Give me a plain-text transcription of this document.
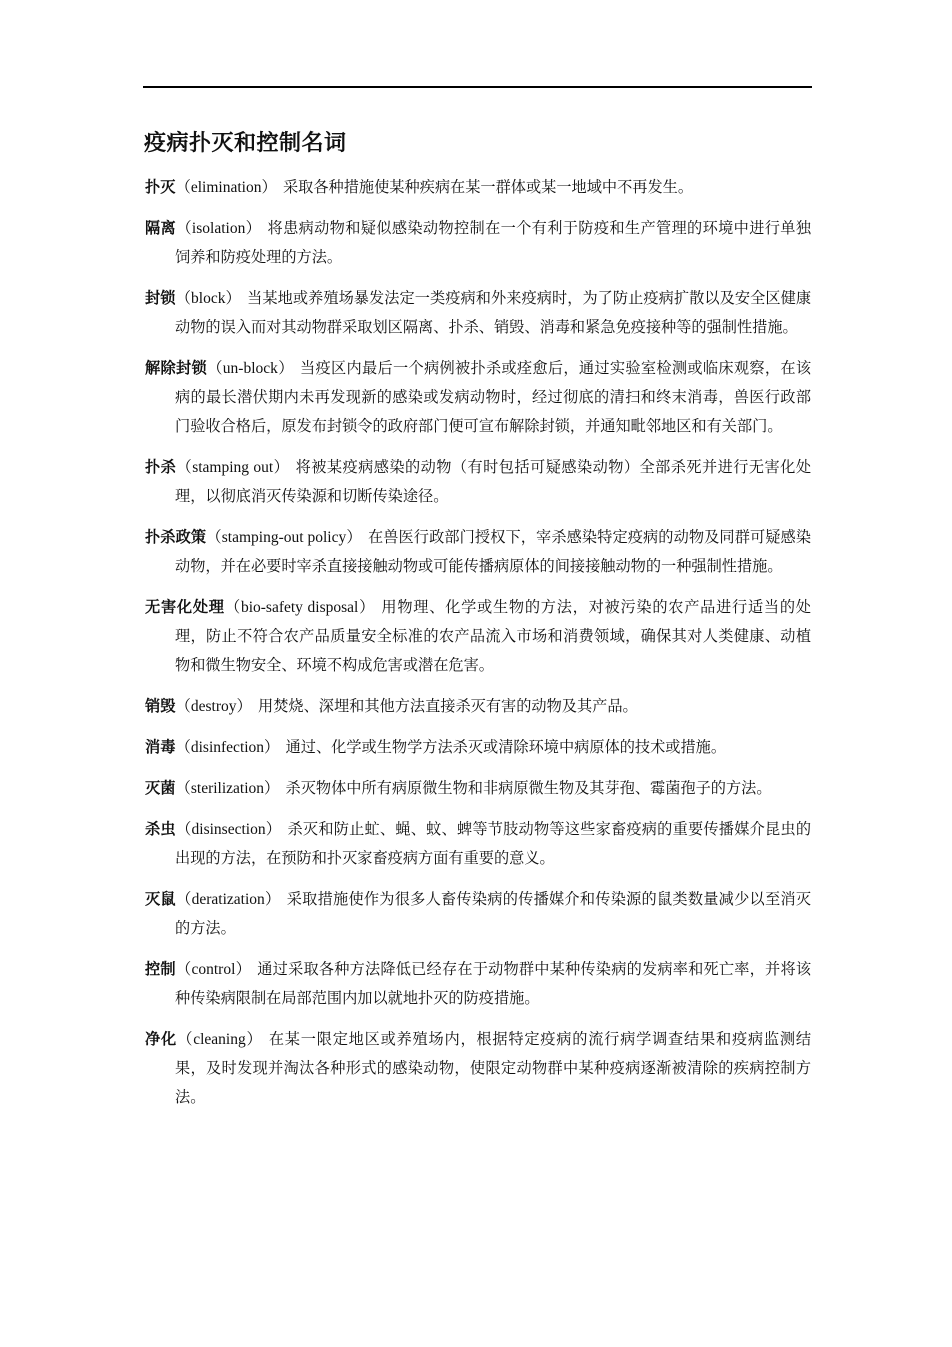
疫病扑灭和控制名词

扑灭（elimination） 采取各种措施使某种疾病在某一群体或某一地域中不再发生。

隔离（isolation） 将患病动物和疑似感染动物控制在一个有利于防疫和生产管理的环境中进行单独饲养和防疫处理的方法。

封锁（block） 当某地或养殖场暴发法定一类疫病和外来疫病时，为了防止疫病扩散以及安全区健康动物的误入而对其动物群采取划区隔离、扑杀、销毁、消毒和紧急免疫接种等的强制性措施。

解除封锁（un-block） 当疫区内最后一个病例被扑杀或痊愈后，通过实验室检测或临床观察，在该病的最长潜伏期内未再发现新的感染或发病动物时，经过彻底的清扫和终末消毒，兽医行政部门验收合格后，原发布封锁令的政府部门便可宣布解除封锁，并通知毗邻地区和有关部门。

扑杀（stamping out） 将被某疫病感染的动物（有时包括可疑感染动物）全部杀死并进行无害化处理，以彻底消灭传染源和切断传染途径。

扑杀政策（stamping-out policy） 在兽医行政部门授权下，宰杀感染特定疫病的动物及同群可疑感染动物，并在必要时宰杀直接接触动物或可能传播病原体的间接接触动物的一种强制性措施。

无害化处理（bio-safety disposal） 用物理、化学或生物的方法，对被污染的农产品进行适当的处理，防止不符合农产品质量安全标准的农产品流入市场和消费领域，确保其对人类健康、动植物和微生物安全、环境不构成危害或潜在危害。

销毁（destroy） 用焚烧、深埋和其他方法直接杀灭有害的动物及其产品。

消毒（disinfection） 通过、化学或生物学方法杀灭或清除环境中病原体的技术或措施。

灭菌（sterilization） 杀灭物体中所有病原微生物和非病原微生物及其芽孢、霉菌孢子的方法。

杀虫（disinsection） 杀灭和防止虻、蝇、蚊、蜱等节肢动物等这些家畜疫病的重要传播媒介昆虫的出现的方法，在预防和扑灭家畜疫病方面有重要的意义。

灭鼠（deratization） 采取措施使作为很多人畜传染病的传播媒介和传染源的鼠类数量减少以至消灭的方法。

控制（control） 通过采取各种方法降低已经存在于动物群中某种传染病的发病率和死亡率，并将该种传染病限制在局部范围内加以就地扑灭的防疫措施。

净化（cleaning） 在某一限定地区或养殖场内，根据特定疫病的流行病学调查结果和疫病监测结果，及时发现并淘汰各种形式的感染动物，使限定动物群中某种疫病逐渐被清除的疾病控制方法。
